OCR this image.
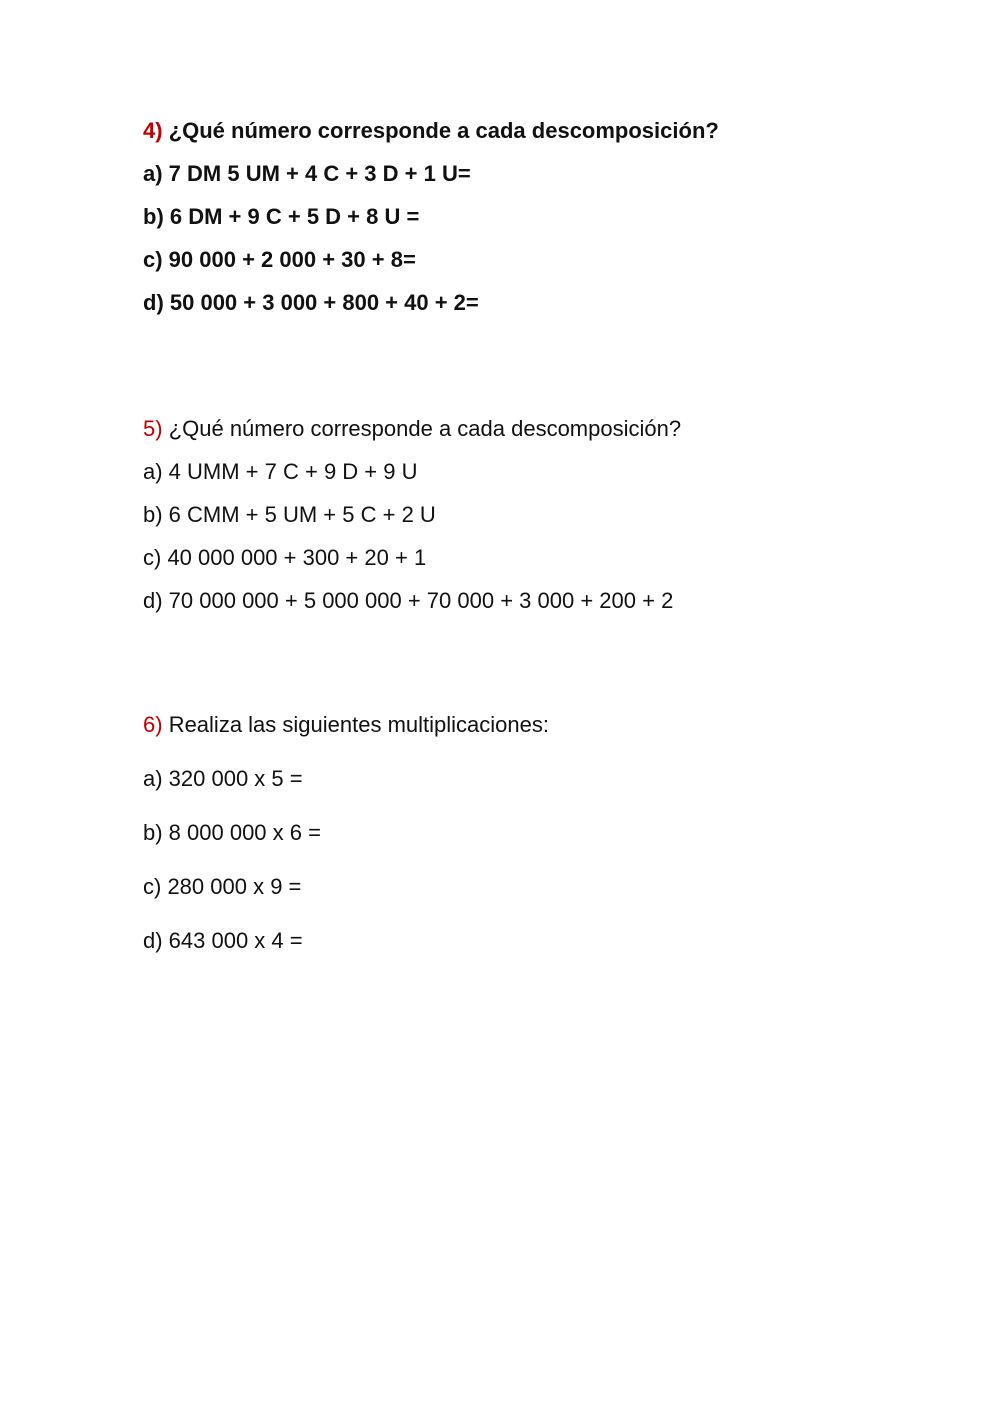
4) ¿Qué número corresponde a cada descomposición?

a) 7 DM 5 UM + 4 C + 3 D + 1 U=

b) 6 DM + 9 C + 5 D + 8 U =

c) 90 000 + 2 000 + 30 + 8=

d) 50 000 + 3 000 + 800 + 40 + 2=

5) ¿Qué número corresponde a cada descomposición?

a) 4 UMM + 7 C + 9 D + 9 U

b) 6 CMM + 5 UM + 5 C + 2 U

c) 40 000 000 + 300 + 20 + 1

d) 70 000 000 + 5 000 000 + 70 000 + 3 000 + 200 + 2

6) Realiza las siguientes multiplicaciones:

a) 320 000 x 5 =

b) 8 000 000 x 6 =

c) 280 000 x 9 =

d) 643 000 x 4 =
